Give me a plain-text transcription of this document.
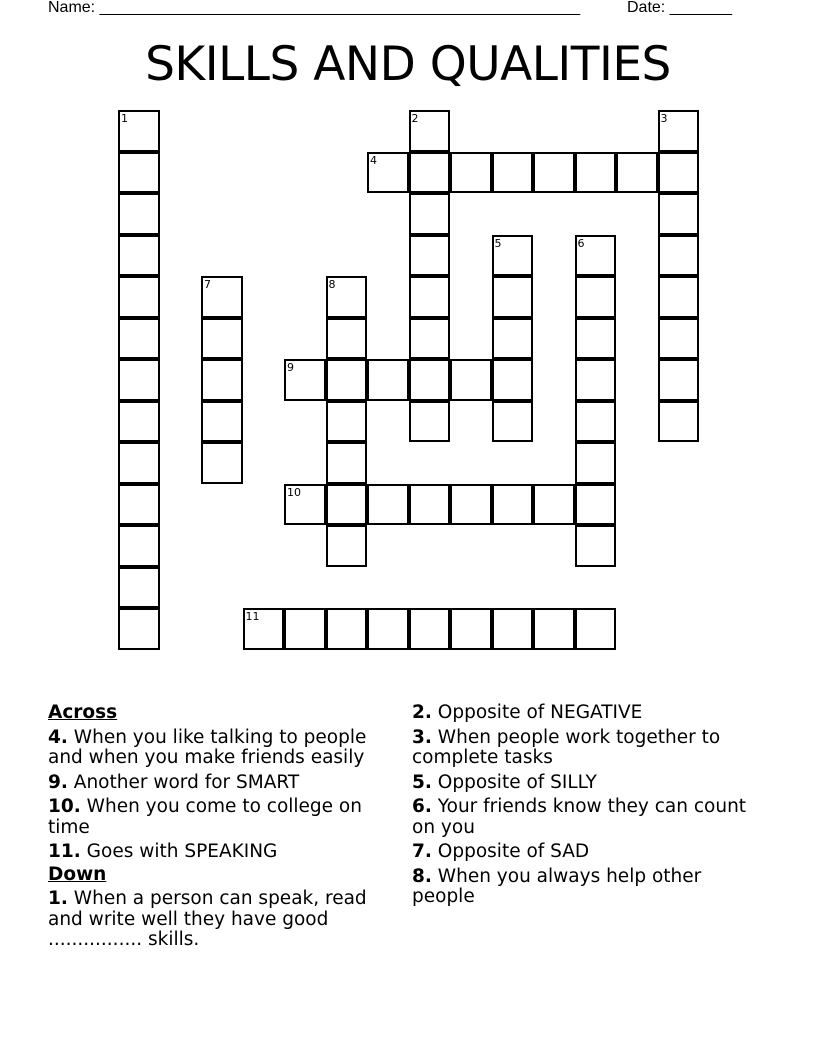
Name: ______________________________________________________	Date: _______
SKILLS AND QUALITIES
4
9
10
11
1	2	3
5	6
7	8
Across
4. When you like talking to people and when you make friends easily
9. Another word for SMART
10. When you come to college on time
11. Goes with SPEAKING
Down
1. When a person can speak, read and write well they have good ................ skills.
2. Opposite of NEGATIVE
3. When people work together to complete tasks
5. Opposite of SILLY
6. Your friends know they can count on you
7. Opposite of SAD
8. When you always help other people
